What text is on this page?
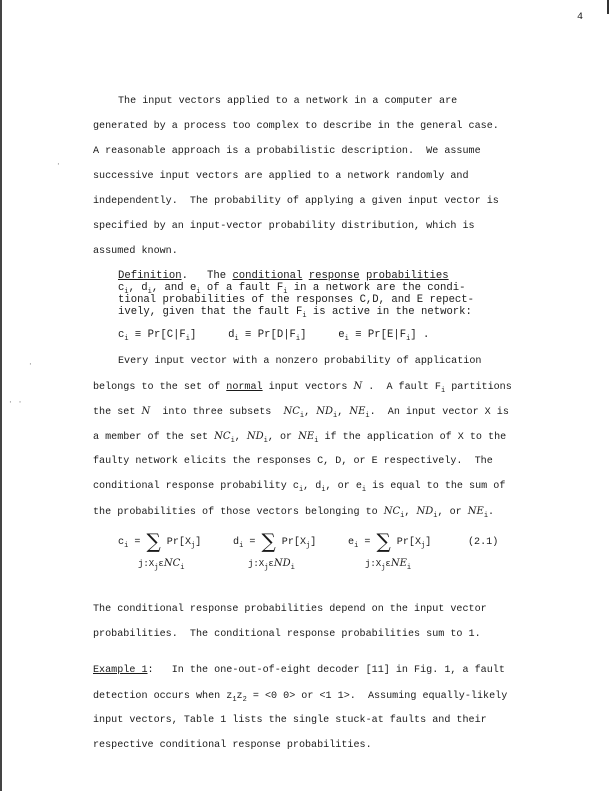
4
The input vectors applied to a network in a computer are
generated by a process too complex to describe in the general case.
A reasonable approach is a probabilistic description.  We assume
successive input vectors are applied to a network randomly and
independently.  The probability of applying a given input vector is
specified by an input-vector probability distribution, which is
assumed known.
Definition.   The conditional response probabilities
$c_i$, $d_i$, and $e_i$ of a fault $F_i$ in a network are the condi-
tional probabilities of the responses C,D, and E repect-
ively, given that the fault $F_i$ is active in the network:
$c_i \equiv Pr[C|F_i]$     $d_i \equiv Pr[D|F_i]$     $e_i \equiv Pr[E|F_i]$ .
Every input vector with a nonzero probability of application
belongs to the set of normal input vectors N .  A fault $F_i$ partitions
the set N  into three subsets  $NC_i$, $ND_i$, $NE_i$.  An input vector X is
a member of the set $NC_i$, $ND_i$, or $NE_i$ if the application of X to the
faulty network elicits the responses C, D, or E respectively.  The
conditional response probability $c_i$, $d_i$, or $e_i$ is equal to the sum of
the probabilities of those vectors belonging to $NC_i$, $ND_i$, or $NE_i$.
$c_i$ = ∑ $Pr[X_j]$	$d_i$ = ∑ $Pr[X_j]$	$e_i$ = ∑ $Pr[X_j]$
$j:X_j\varepsilon NC_i$	$j:X_j\varepsilon ND_i$	$j:X_j\varepsilon NE_i$
(2.1)
The conditional response probabilities depend on the input vector
probabilities.  The conditional response probabilities sum to 1.
Example 1:   In the one-out-of-eight decoder [11] in Fig. 1, a fault
detection occurs when $z_1z_2 = <0$ 0> or <1 1>.  Assuming equally-likely
input vectors, Table 1 lists the single stuck-at faults and their
respective conditional response probabilities.
·
·
· ·
